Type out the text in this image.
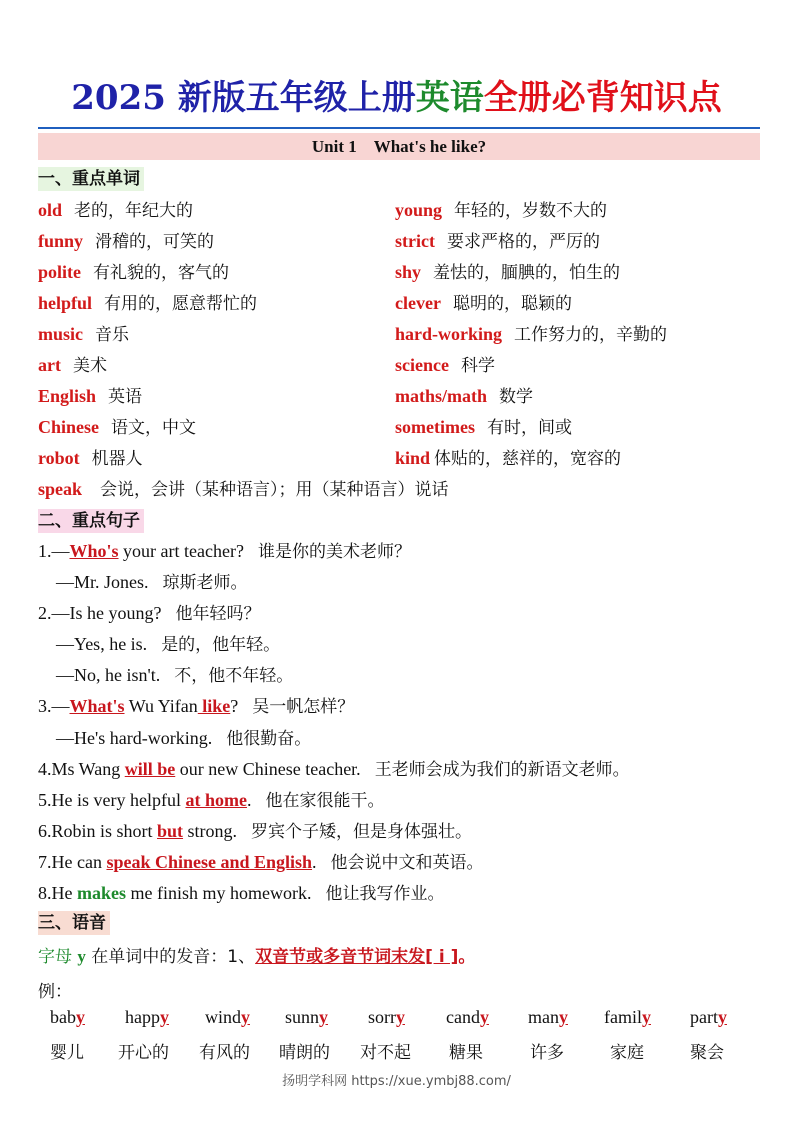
2025 新版五年级上册英语全册必背知识点
Unit 1　What's he like?
一、重点单词
old 老的，年纪大的	young 年轻的，岁数不大的
funny 滑稽的，可笑的	strict 要求严格的，严厉的
polite 有礼貌的，客气的	shy 羞怯的，腼腆的，怕生的
helpful 有用的，愿意帮忙的	clever 聪明的，聪颖的
music 音乐	hard-working 工作努力的，辛勤的
art 美术	science 科学
English 英语	maths/math 数学
Chinese 语文，中文	sometimes 有时，间或
robot 机器人	kind 体贴的，慈祥的，宽容的
speak 会说，会讲（某种语言）；用（某种语言）说话
二、重点句子
1.—Who's your art teacher? 谁是你的美术老师？
—Mr. Jones. 琼斯老师。
2.—Is he young? 他年轻吗？
—Yes, he is. 是的，他年轻。
—No, he isn't. 不，他不年轻。
3.—What's Wu Yifan like? 吴一帆怎样？
—He's hard-working. 他很勤奋。
4.Ms Wang will be our new Chinese teacher. 王老师会成为我们的新语文老师。
5.He is very helpful at home. 他在家很能干。
6.Robin is short but strong. 罗宾个子矮，但是身体强壮。
7.He can speak Chinese and English. 他会说中文和英语。
8.He makes me finish my homework. 他让我写作业。
三、语音
字母 y 在单词中的发音：1、双音节或多音节词末发[ i ]。
例：
baby happy windy sunny sorry candy many family party
婴儿 开心的 有风的 晴朗的 对不起 糖果	许多	家庭	聚会
扬明学科网 https://xue.ymbj88.com/
